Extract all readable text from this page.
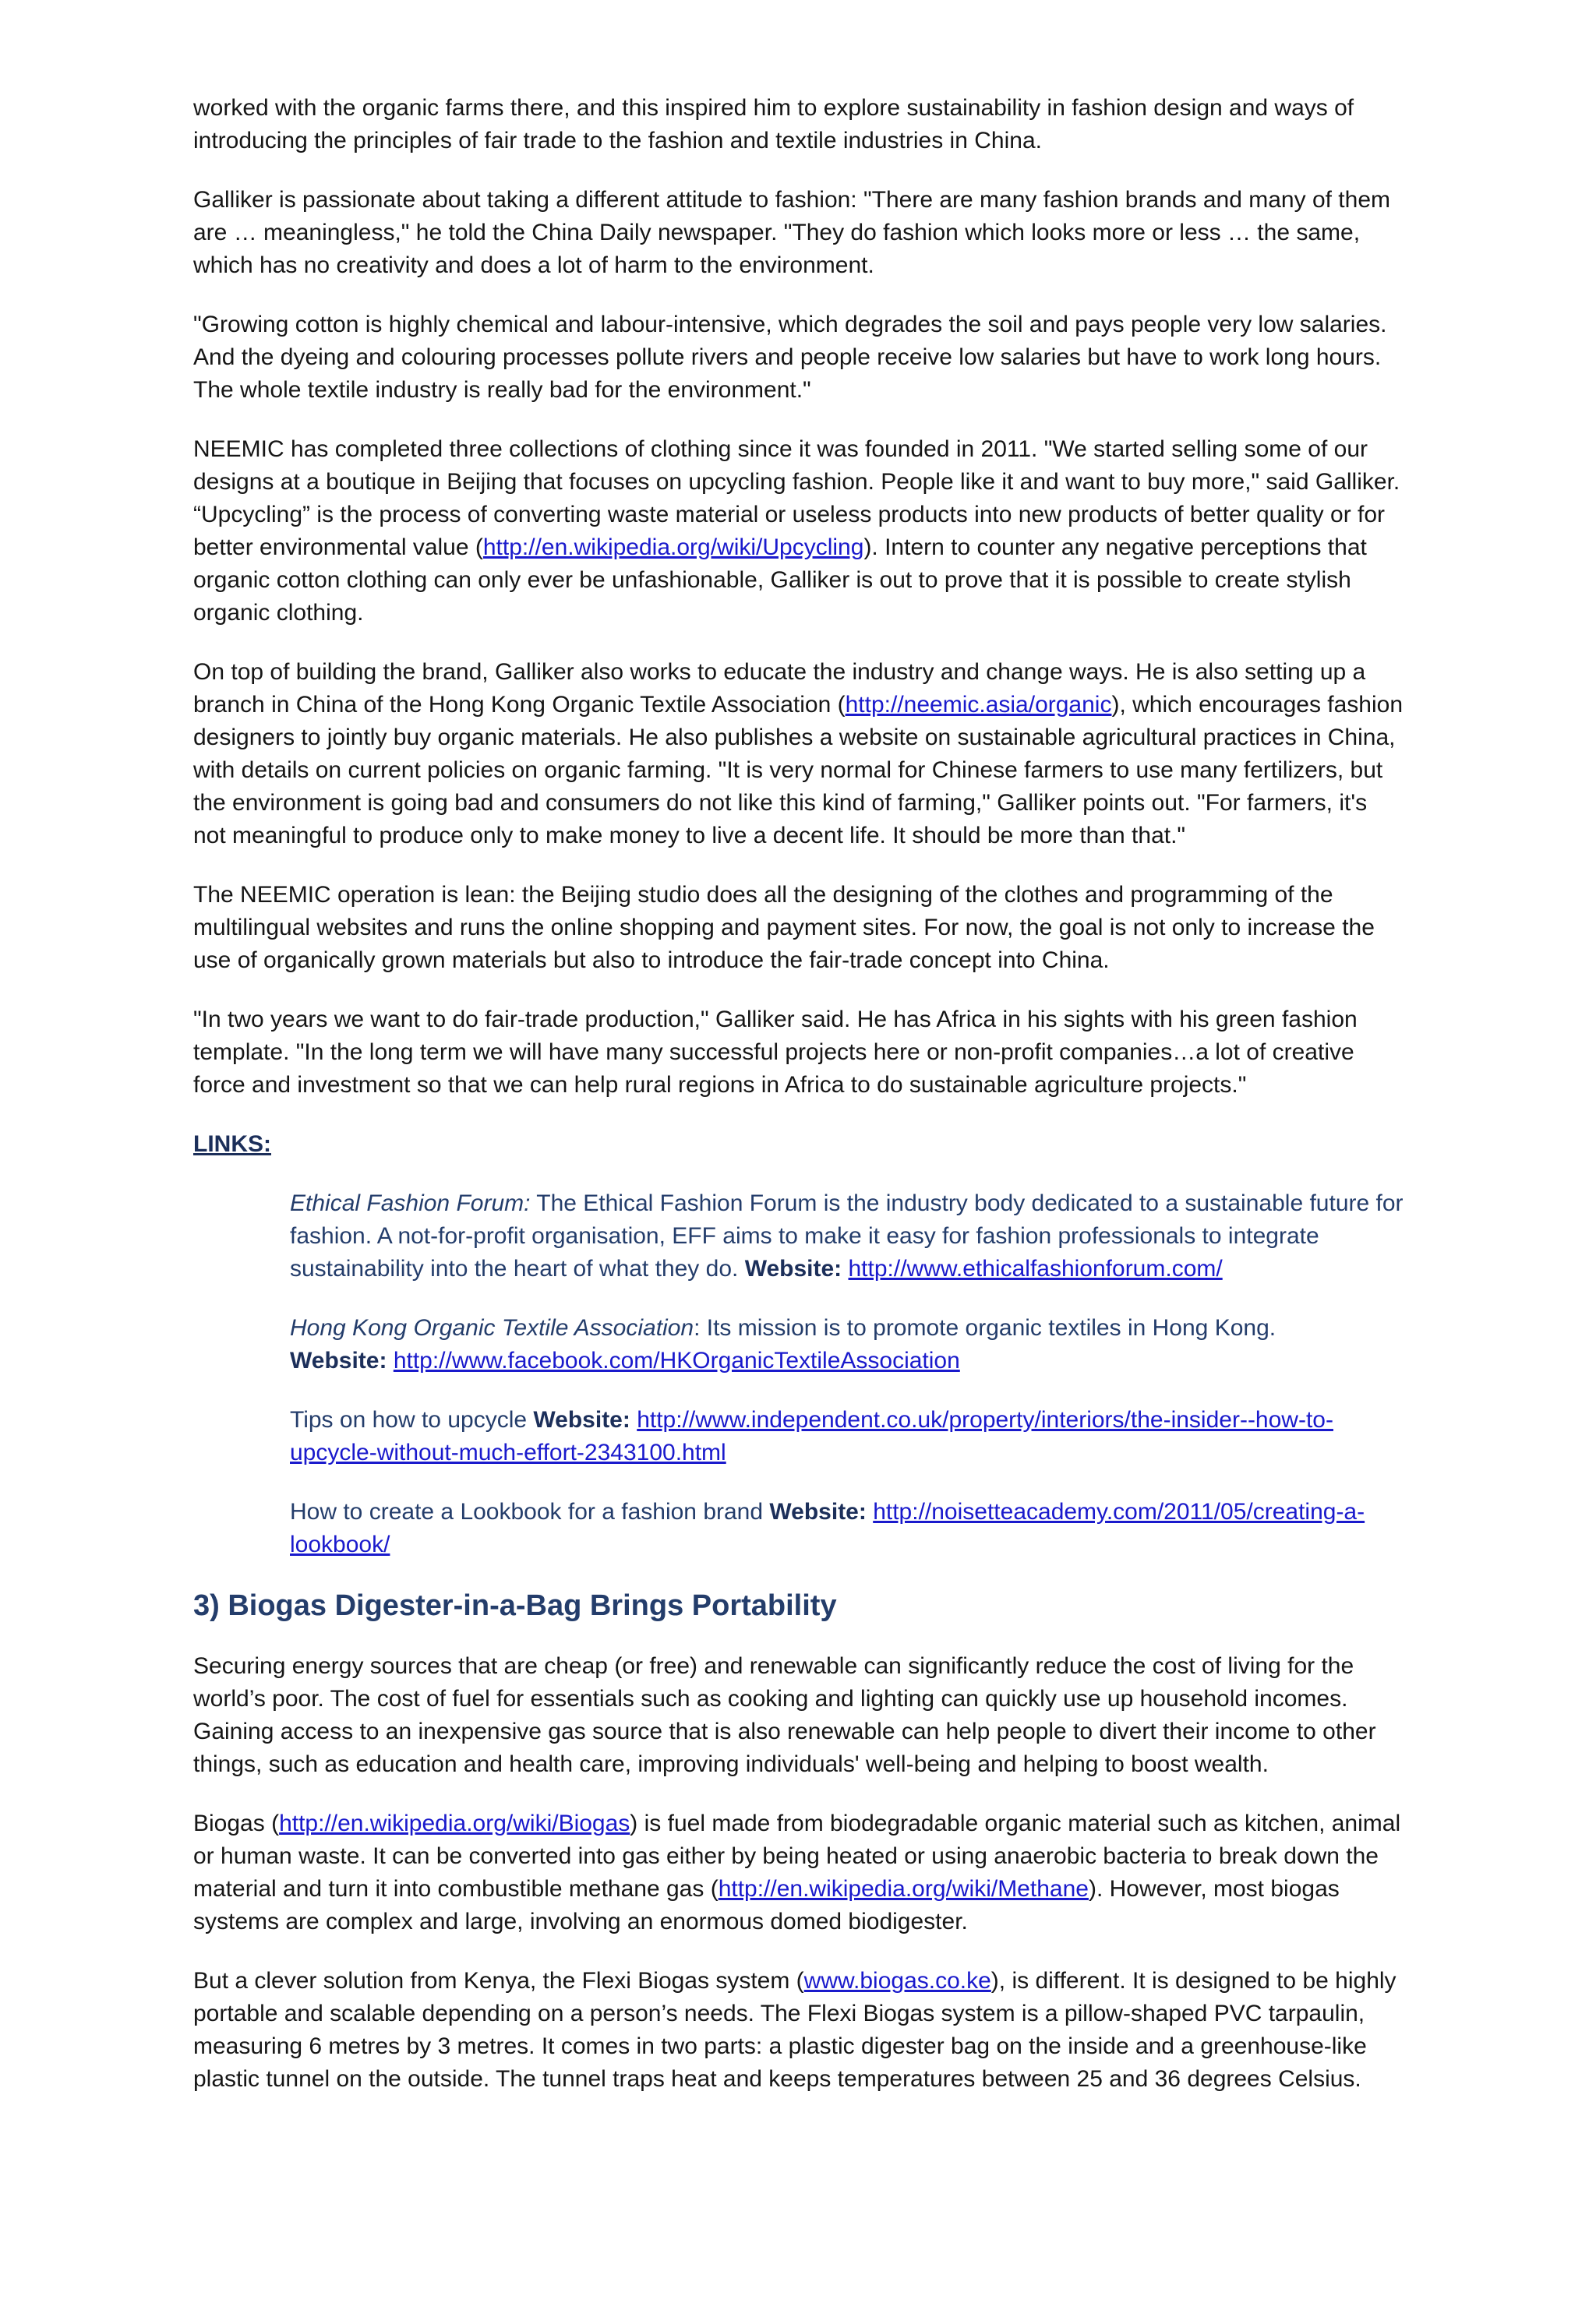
worked with the organic farms there, and this inspired him to explore sustainability in fashion design and ways of introducing the principles of fair trade to the fashion and textile industries in China.

Galliker is passionate about taking a different attitude to fashion: "There are many fashion brands and many of them are … meaningless," he told the China Daily newspaper. "They do fashion which looks more or less … the same, which has no creativity and does a lot of harm to the environment.

"Growing cotton is highly chemical and labour-intensive, which degrades the soil and pays people very low salaries. And the dyeing and colouring processes pollute rivers and people receive low salaries but have to work long hours. The whole textile industry is really bad for the environment."

NEEMIC has completed three collections of clothing since it was founded in 2011. "We started selling some of our designs at a boutique in Beijing that focuses on upcycling fashion. People like it and want to buy more," said Galliker. “Upcycling” is the process of converting waste material or useless products into new products of better quality or for better environmental value (http://en.wikipedia.org/wiki/Upcycling). Intern to counter any negative perceptions that organic cotton clothing can only ever be unfashionable, Galliker is out to prove that it is possible to create stylish organic clothing.

On top of building the brand, Galliker also works to educate the industry and change ways. He is also setting up a branch in China of the Hong Kong Organic Textile Association (http://neemic.asia/organic), which encourages fashion designers to jointly buy organic materials. He also publishes a website on sustainable agricultural practices in China, with details on current policies on organic farming. "It is very normal for Chinese farmers to use many fertilizers, but the environment is going bad and consumers do not like this kind of farming," Galliker points out. "For farmers, it's not meaningful to produce only to make money to live a decent life. It should be more than that."

The NEEMIC operation is lean: the Beijing studio does all the designing of the clothes and programming of the multilingual websites and runs the online shopping and payment sites. For now, the goal is not only to increase the use of organically grown materials but also to introduce the fair-trade concept into China.

"In two years we want to do fair-trade production," Galliker said. He has Africa in his sights with his green fashion template. "In the long term we will have many successful projects here or non-profit companies…a lot of creative force and investment so that we can help rural regions in Africa to do sustainable agriculture projects."

LINKS:

Ethical Fashion Forum: The Ethical Fashion Forum is the industry body dedicated to a sustainable future for fashion. A not-for-profit organisation, EFF aims to make it easy for fashion professionals to integrate sustainability into the heart of what they do. Website: http://www.ethicalfashionforum.com/

Hong Kong Organic Textile Association: Its mission is to promote organic textiles in Hong Kong.
Website: http://www.facebook.com/HKOrganicTextileAssociation

Tips on how to upcycle Website: http://www.independent.co.uk/property/interiors/the-insider--how-to-upcycle-without-much-effort-2343100.html

How to create a Lookbook for a fashion brand Website: http://noisetteacademy.com/2011/05/creating-a-lookbook/

3) Biogas Digester-in-a-Bag Brings Portability

Securing energy sources that are cheap (or free) and renewable can significantly reduce the cost of living for the world’s poor. The cost of fuel for essentials such as cooking and lighting can quickly use up household incomes. Gaining access to an inexpensive gas source that is also renewable can help people to divert their income to other things, such as education and health care, improving individuals' well-being and helping to boost wealth.

Biogas (http://en.wikipedia.org/wiki/Biogas) is fuel made from biodegradable organic material such as kitchen, animal or human waste. It can be converted into gas either by being heated or using anaerobic bacteria to break down the material and turn it into combustible methane gas (http://en.wikipedia.org/wiki/Methane). However, most biogas systems are complex and large, involving an enormous domed biodigester.

But a clever solution from Kenya, the Flexi Biogas system (www.biogas.co.ke), is different. It is designed to be highly portable and scalable depending on a person’s needs. The Flexi Biogas system is a pillow-shaped PVC tarpaulin, measuring 6 metres by 3 metres. It comes in two parts: a plastic digester bag on the inside and a greenhouse-like plastic tunnel on the outside. The tunnel traps heat and keeps temperatures between 25 and 36 degrees Celsius.
